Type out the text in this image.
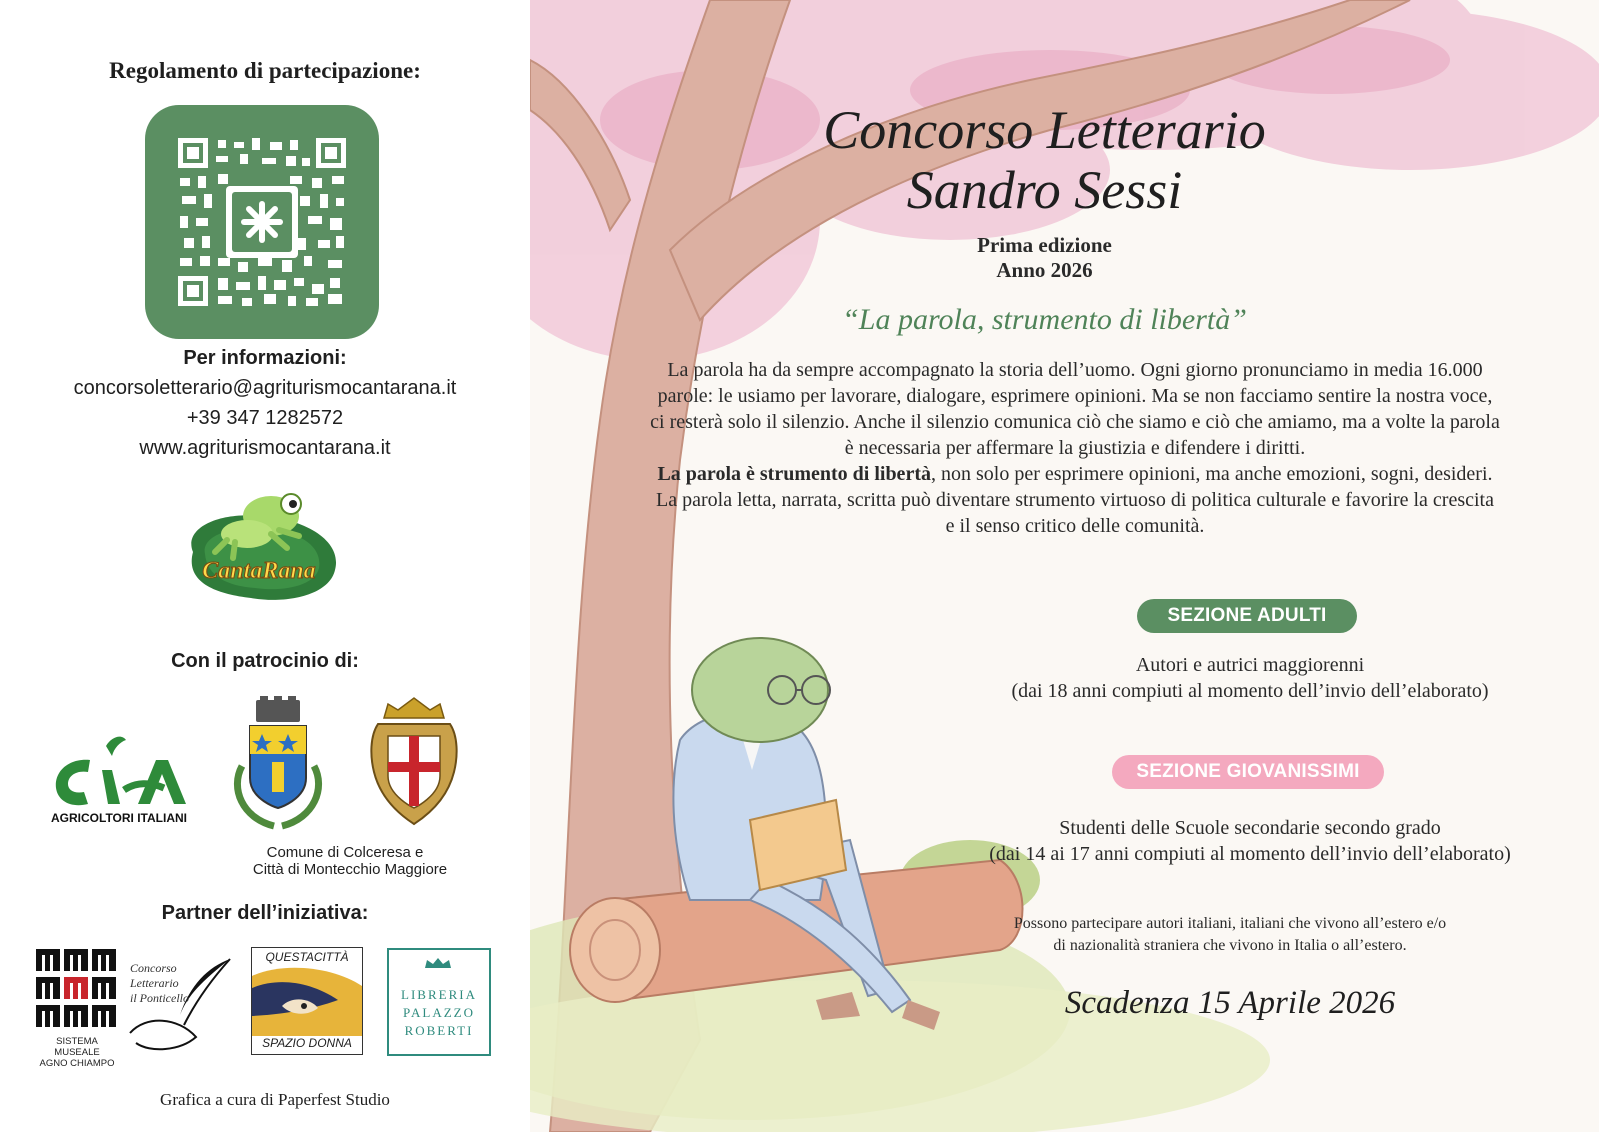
Regolamento di partecipazione:
Per informazioni:
concorsoletterario@agriturismocantarana.it
+39 347 1282572
www.agriturismocantarana.it
CantaRana
Con il patrocinio di:
AGRICOLTORI ITALIANI
Comune di Colceresa e
Città di Montecchio Maggiore
Partner dell’iniziativa:
SISTEMA MUSEALE
AGNO CHIAMPO
Concorso
Letterario
il Ponticello
QUESTACITTÀ
SPAZIO DONNA
LIBRERIA
PALAZZO
ROBERTI
Grafica a cura di Paperfest Studio
Concorso Letterario
Sandro Sessi
Prima edizione
Anno 2026
“La parola, strumento di libertà”
La parola ha da sempre accompagnato la storia dell’uomo. Ogni giorno pronunciamo in media 16.000
parole: le usiamo per lavorare, dialogare, esprimere opinioni. Ma se non facciamo sentire la nostra voce,
ci resterà solo il silenzio. Anche il silenzio comunica ciò che siamo e ciò che amiamo, ma a volte la parola
è necessaria per affermare la giustizia e difendere i diritti.
La parola è strumento di libertà, non solo per esprimere opinioni, ma anche emozioni, sogni, desideri.
La parola letta, narrata, scritta può diventare strumento virtuoso di politica culturale e favorire la crescita
e il senso critico delle comunità.
SEZIONE ADULTI
Autori e autrici maggiorenni
(dai 18 anni compiuti al momento dell’invio dell’elaborato)
SEZIONE GIOVANISSIMI
Studenti delle Scuole secondarie secondo grado
(dai 14 ai 17 anni compiuti al momento dell’invio dell’elaborato)
Possono partecipare autori italiani, italiani che vivono all’estero e/o
di nazionalità straniera che vivono in Italia o all’estero.
Scadenza 15 Aprile 2026
